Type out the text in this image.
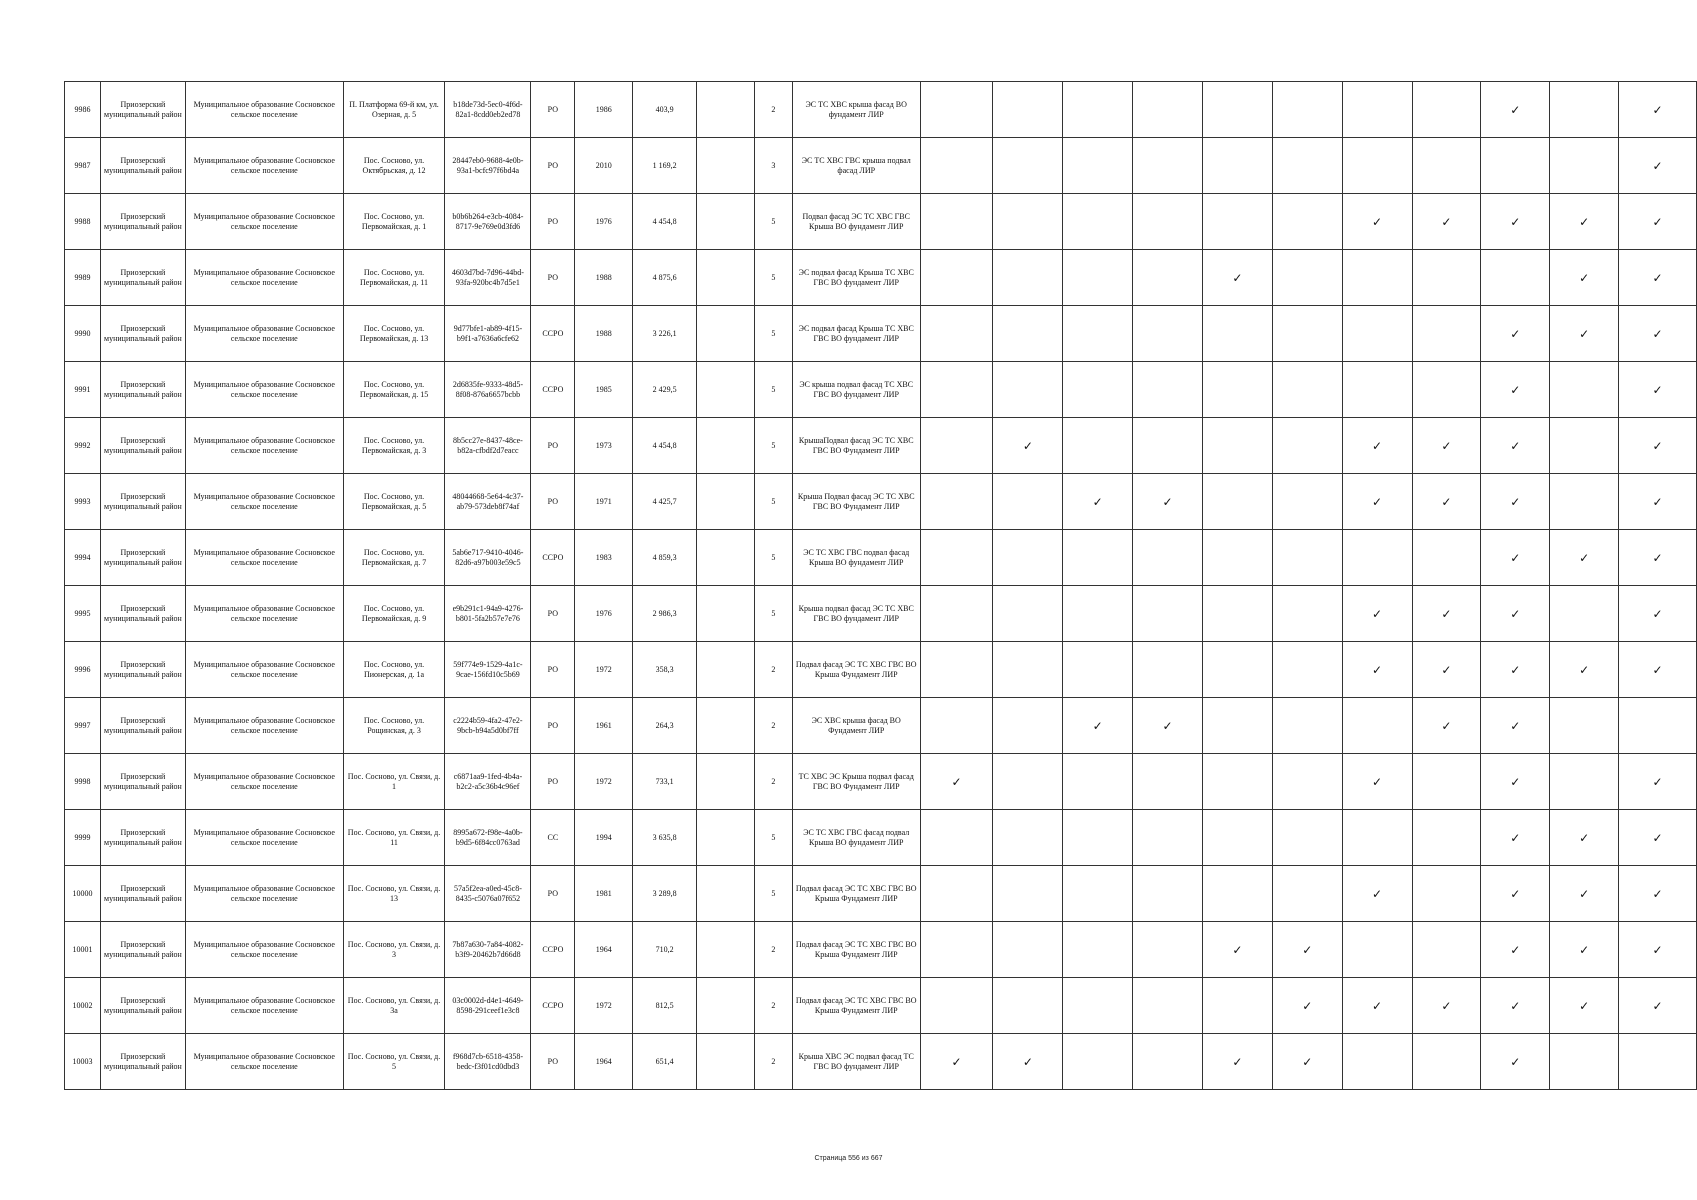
9986	Приозерский муниципальный район	Муниципальное образование Сосновское сельское поселение	П. Платформа 69-й км, ул. Озерная, д. 5	b18de73d-5ec0-4f6d-82a1-8cdd0eb2ed78	РО	1986	403,9		2	ЭС ТС ХВС крыша фасад ВО фундамент ЛИР									✓		✓
9987	Приозерский муниципальный район	Муниципальное образование Сосновское сельское поселение	Пос. Сосново, ул. Октябрьская, д. 12	28447eb0-9688-4e0b-93a1-bcfc97f6bd4a	РО	2010	1 169,2		3	ЭС ТС ХВС ГВС крыша подвал фасад ЛИР											✓
9988	Приозерский муниципальный район	Муниципальное образование Сосновское сельское поселение	Пос. Сосново, ул. Первомайская, д. 1	b0b6b264-e3cb-4084-8717-9e769e0d3fd6	РО	1976	4 454,8		5	Подвал фасад ЭС ТС ХВС ГВС Крыша ВО фундамент ЛИР							✓	✓	✓	✓	✓
9989	Приозерский муниципальный район	Муниципальное образование Сосновское сельское поселение	Пос. Сосново, ул. Первомайская, д. 11	4603d7bd-7d96-44bd-93fa-920bc4b7d5e1	РО	1988	4 875,6		5	ЭС подвал фасад Крыша ТС ХВС ГВС ВО фундамент ЛИР					✓					✓	✓
9990	Приозерский муниципальный район	Муниципальное образование Сосновское сельское поселение	Пос. Сосново, ул. Первомайская, д. 13	9d77bfe1-ab89-4f15-b9f1-a7636a6cfe62	ССРО	1988	3 226,1		5	ЭС подвал фасад Крыша ТС ХВС ГВС ВО фундамент ЛИР									✓	✓	✓
9991	Приозерский муниципальный район	Муниципальное образование Сосновское сельское поселение	Пос. Сосново, ул. Первомайская, д. 15	2d6835fe-9333-48d5-8f08-876a6657bcbb	ССРО	1985	2 429,5		5	ЭС крыша подвал фасад ТС ХВС ГВС ВО фундамент ЛИР									✓		✓
9992	Приозерский муниципальный район	Муниципальное образование Сосновское сельское поселение	Пос. Сосново, ул. Первомайская, д. 3	8b5cc27e-8437-48ce-b82a-cfbdf2d7eacc	РО	1973	4 454,8		5	КрышаПодвал фасад ЭС ТС ХВС ГВС ВО Фундамент ЛИР		✓					✓	✓	✓		✓
9993	Приозерский муниципальный район	Муниципальное образование Сосновское сельское поселение	Пос. Сосново, ул. Первомайская, д. 5	48044668-5e64-4c37-ab79-573deb8f74af	РО	1971	4 425,7		5	Крыша Подвал фасад ЭС ТС ХВС ГВС ВО Фундамент ЛИР			✓	✓			✓	✓	✓		✓
9994	Приозерский муниципальный район	Муниципальное образование Сосновское сельское поселение	Пос. Сосново, ул. Первомайская, д. 7	5ab6e717-9410-4046-82d6-a97b003e59c5	ССРО	1983	4 859,3		5	ЭС ТС ХВС ГВС подвал фасад Крыша ВО фундамент ЛИР									✓	✓	✓
9995	Приозерский муниципальный район	Муниципальное образование Сосновское сельское поселение	Пос. Сосново, ул. Первомайская, д. 9	e9b291c1-94a9-4276-b801-5fa2b57e7e76	РО	1976	2 986,3		5	Крыша подвал фасад ЭС ТС ХВС ГВС ВО фундамент ЛИР							✓	✓	✓		✓
9996	Приозерский муниципальный район	Муниципальное образование Сосновское сельское поселение	Пос. Сосново, ул. Пионерская, д. 1а	59f774e9-1529-4a1c-9cae-156fd10c5b69	РО	1972	358,3		2	Подвал фасад ЭС ТС ХВС ГВС ВО Крыша Фундамент ЛИР							✓	✓	✓	✓	✓
9997	Приозерский муниципальный район	Муниципальное образование Сосновское сельское поселение	Пос. Сосново, ул. Рощинская, д. 3	c2224b59-4fa2-47e2-9bcb-b94a5d0bf7ff	РО	1961	264,3		2	ЭС ХВС крыша фасад ВО Фундамент ЛИР			✓	✓				✓	✓		
9998	Приозерский муниципальный район	Муниципальное образование Сосновское сельское поселение	Пос. Сосново, ул. Связи, д. 1	c6871aa9-1fed-4b4a-b2c2-a5c36b4c96ef	РО	1972	733,1		2	ТС ХВС ЭС Крыша подвал фасад ГВС ВО Фундамент ЛИР	✓						✓		✓		✓
9999	Приозерский муниципальный район	Муниципальное образование Сосновское сельское поселение	Пос. Сосново, ул. Связи, д. 11	8995a672-f98e-4a0b-b9d5-6f84cc0763ad	СС	1994	3 635,8		5	ЭС ТС ХВС ГВС фасад подвал Крыша ВО фундамент ЛИР									✓	✓	✓
10000	Приозерский муниципальный район	Муниципальное образование Сосновское сельское поселение	Пос. Сосново, ул. Связи, д. 13	57a5f2ea-a0ed-45c8-8435-c5076a07f652	РО	1981	3 289,8		5	Подвал фасад ЭС ТС ХВС ГВС ВО Крыша Фундамент ЛИР							✓		✓	✓	✓
10001	Приозерский муниципальный район	Муниципальное образование Сосновское сельское поселение	Пос. Сосново, ул. Связи, д. 3	7b87a630-7a84-4082-b3f9-20462b7d66d8	ССРО	1964	710,2		2	Подвал фасад ЭС ТС ХВС ГВС ВО Крыша Фундамент ЛИР					✓	✓			✓	✓	✓
10002	Приозерский муниципальный район	Муниципальное образование Сосновское сельское поселение	Пос. Сосново, ул. Связи, д. 3а	03c0002d-d4e1-4649-8598-291ceef1e3c8	ССРО	1972	812,5		2	Подвал фасад ЭС ТС ХВС ГВС ВО Крыша Фундамент ЛИР						✓	✓	✓	✓	✓	✓
10003	Приозерский муниципальный район	Муниципальное образование Сосновское сельское поселение	Пос. Сосново, ул. Связи, д. 5	f968d7cb-6518-4358-bedc-f3f01cd0dbd3	РО	1964	651,4		2	Крыша ХВС ЭС подвал фасад ТС ГВС ВО фундамент ЛИР	✓	✓			✓	✓			✓		
Страница 556 из 667
